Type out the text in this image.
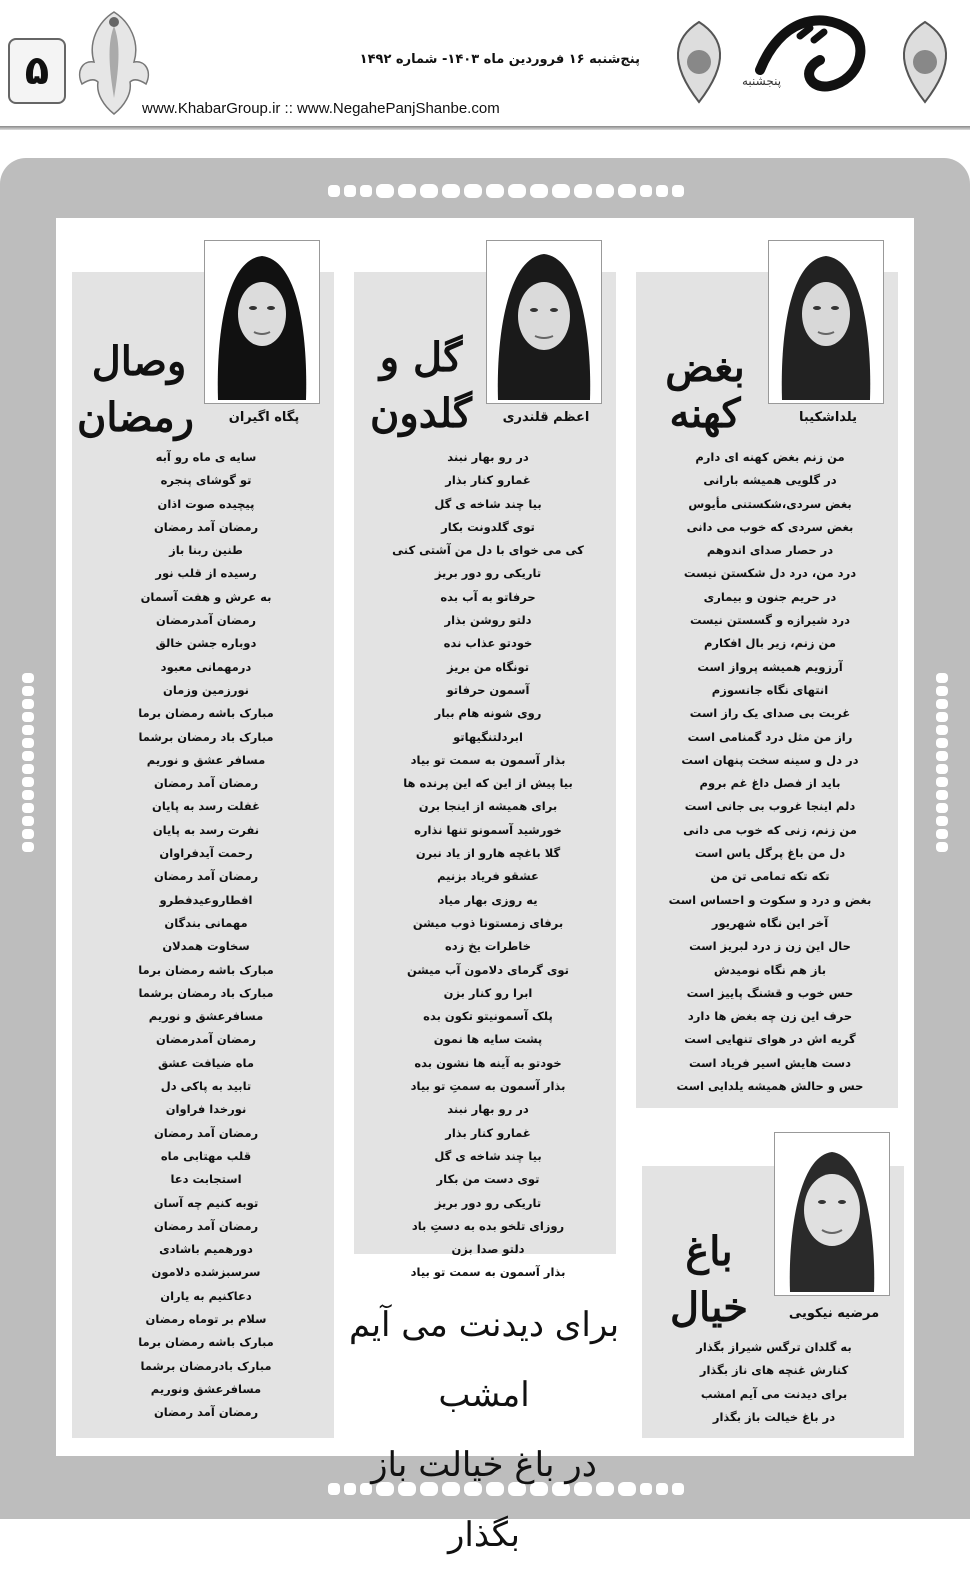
۵	پنج‌شنبه ۱۶ فروردین ماه ۱۴۰۳- شماره ۱۴۹۲
www.KhabarGroup.ir :: www.NegahePanjShanbe.com
پنجشنبه
یلداشکیبا
بغض
کهنه
من زنم بغض کهنه ای دارم
در گلویی همیشه بارانی
بغض سردی،شکستنی مأیوس
بغض سردی که خوب می دانی
در حصار صدای اندوهم
درد من، درد دل شکستن نیست
در حریم جنون و بیماری
درد شیرازه و گسستن نیست
من زنم، زیر بال افکارم
آرزویم همیشه پرواز است
انتهای نگاه جانسوزم
غربت بی صدای یک راز است
راز من مثل درد گمنامی است
در دل و سینه سخت پنهان است
باید از فصل داغ غم بروم
دلم اینجا غروب بی جانی است
من زنم، زنی که خوب می دانی
دل من باغ پرگل یاس است
تکه تکه تمامی تن من
بغض و درد و سکوت و احساس است
آخر این نگاه شهریور
حال این زن ز درد لبریز است
باز هم نگاه نومیدش
حس خوب و قشنگ پاییز است
حرف این زن چه بغض ها دارد
گریه اش در هوای تنهایی است
دست هایش اسیر فریاد است
حس و حالش همیشه یلدایی است
اعظم قلندری
گل و
گلدون
در رو بهار نبند
غمارو کنار بذار
بیا چند شاخه ی گل
توی گلدونت بکار
کی می خوای با دل من آشتی کنی
تاریکی رو دور بریز
حرفاتو به آب بده
دلتو روشن بذار
خودتو عذاب نده
تونگاه من بریز
آسمون حرفاتو
روی شونه هام ببار
ابردلتنگیهاتو
بذار آسمون به سمت تو بیاد
بیا پیش از این که این پرنده ها
برای همیشه از اینجا برن
خورشید آسمونو تنها نذاره
گلا باغچه هارو از یاد نبرن
عشقو فریاد بزنیم
یه روزی بهار میاد
برفای زمستونا ذوب میشن
خاطرات یخ زده
توی گرمای دلامون آب میشن
ابرا رو کنار بزن
پلک آسمونیتو تکون بده
پشت سایه ها نمون
خودتو به آینه ها نشون بده
بذار آسمون به سمتِ تو بیاد
در رو بهار نبند
غمارو کنار بذار
بیا چند شاخه ی گل
توی دست من بکار
تاریکی رو دور بریز
روزای تلخو بده به دستِ باد
دلتو صدا بزن
بذار آسمون به سمت تو بیاد
پگاه اگیران
وصال
رمضان
سایه ی ماه رو آبه
تو گوشای پنجره
پیچیده صوت اذان
رمضان آمد رمضان
طنین ربنا باز
رسیده از قلب نور
به عرش و هفت آسمان
رمضان آمدرمضان
دوباره جشن خالق
درمهمانی معبود
نورزمین وزمان
مبارک باشه رمضان برما
مبارک باد رمضان برشما
مسافر عشق و نوریم
رمضان آمد رمضان
غفلت رسد به پایان
نفرت رسد به پایان
رحمت آیدفراوان
رمضان آمد رمضان
افطاروعیدفطرو
مهمانی بندگان
سخاوت همدلان
مبارک باشه رمضان برما
مبارک باد رمضان برشما
مسافرعشق و نوریم
رمضان آمدرمضان
ماه ضیافت عشق
تابید به پاکی دل
نورخدا فراوان
رمضان آمد رمضان
قلب مهتابی ماه
استجابت دعا
توبه کنیم چه آسان
رمضان آمد رمضان
دورهمیم باشادی
سرسبزشده دلامون
دعاکنیم به یاران
سلام بر توماه رمضان
مبارک باشه رمضان برما
مبارک بادرمضان برشما
مسافرعشق ونوریم
رمضان آمد رمضان
مرضیه نیکویی
باغ
خیال
به گلدان ترگس شیراز بگذار
کنارش غنچه های ناز بگذار
برای دیدنت می آیم امشب
در باغ خیالت باز بگذار
برای دیدنت می آیم امشب
در باغ خیالت باز بگذار
